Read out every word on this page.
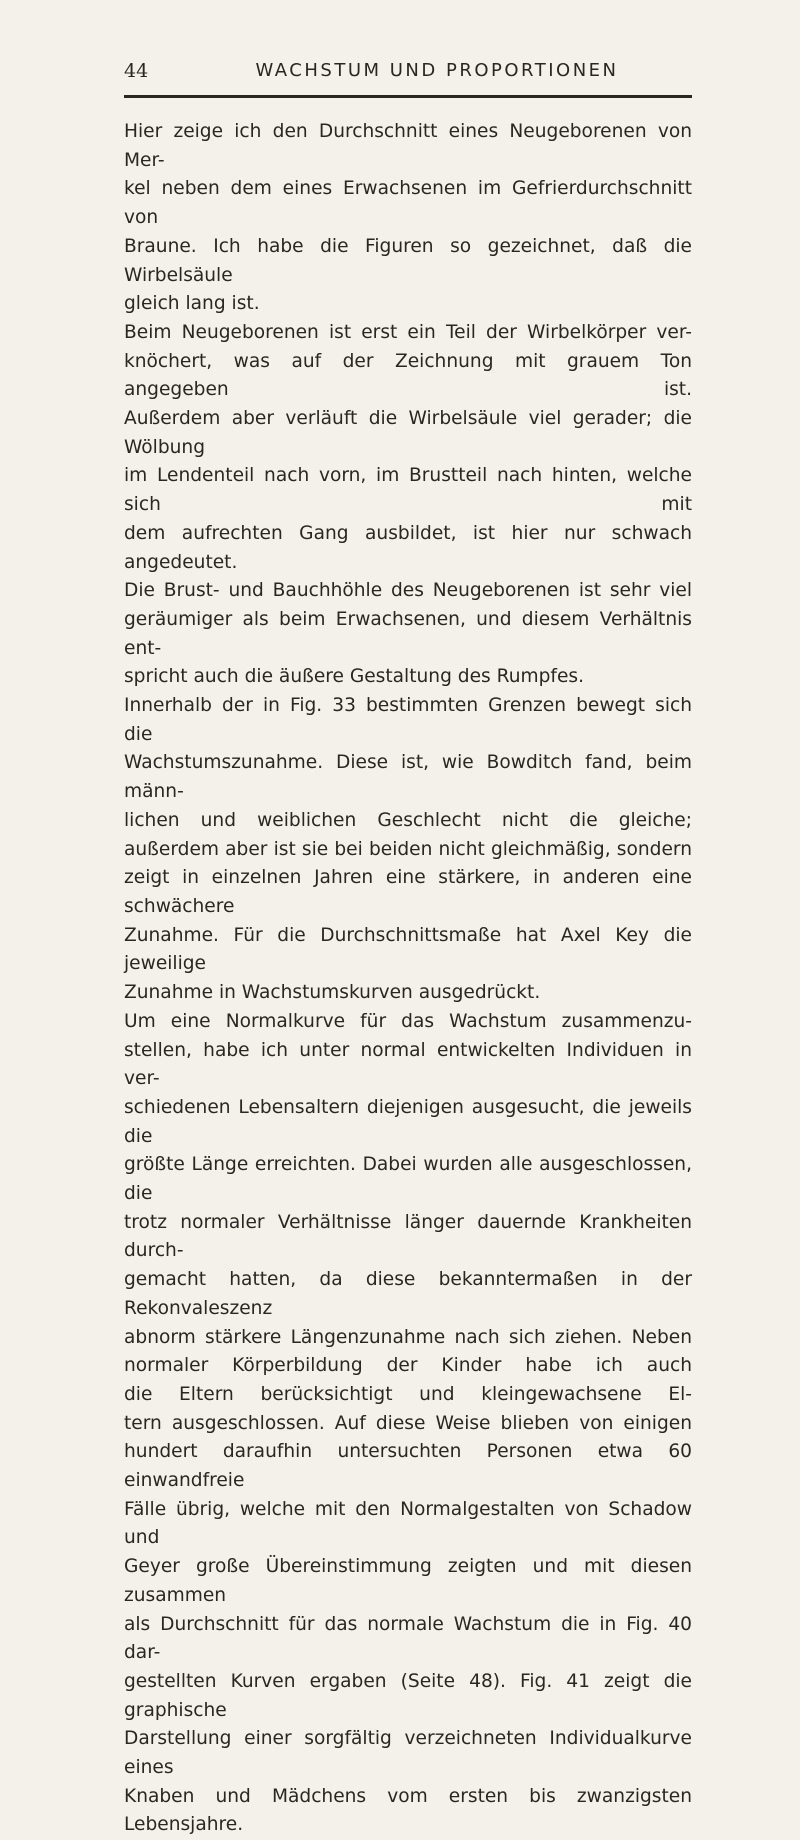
44	WACHSTUM UND PROPORTIONEN

Hier zeige ich den Durchschnitt eines Neugeborenen von Mer-

kel neben dem eines Erwachsenen im Gefrierdurchschnitt von

Braune. Ich habe die Figuren so gezeichnet, daß die Wirbelsäule

gleich lang ist.

Beim Neugeborenen ist erst ein Teil der Wirbelkörper ver-

knöchert, was auf der Zeichnung mit grauem Ton angegeben ist.

Außerdem aber verläuft die Wirbelsäule viel gerader; die Wölbung

im Lendenteil nach vorn, im Brustteil nach hinten, welche sich mit

dem aufrechten Gang ausbildet, ist hier nur schwach angedeutet.

Die Brust- und Bauchhöhle des Neugeborenen ist sehr viel

geräumiger als beim Erwachsenen, und diesem Verhältnis ent-

spricht auch die äußere Gestaltung des Rumpfes.

Innerhalb der in Fig. 33 bestimmten Grenzen bewegt sich die

Wachstumszunahme. Diese ist, wie Bowditch fand, beim männ-

lichen und weiblichen Geschlecht nicht die gleiche;

außerdem aber ist sie bei beiden nicht gleichmäßig, sondern

zeigt in einzelnen Jahren eine stärkere, in anderen eine schwächere

Zunahme. Für die Durchschnittsmaße hat Axel Key die jeweilige

Zunahme in Wachstumskurven ausgedrückt.

Um eine Normalkurve für das Wachstum zusammenzu-

stellen, habe ich unter normal entwickelten Individuen in ver-

schiedenen Lebensaltern diejenigen ausgesucht, die jeweils die

größte Länge erreichten. Dabei wurden alle ausgeschlossen, die

trotz normaler Verhältnisse länger dauernde Krankheiten durch-

gemacht hatten, da diese bekanntermaßen in der Rekonvaleszenz

abnorm stärkere Längenzunahme nach sich ziehen. Neben

normaler Körperbildung der Kinder habe ich auch

die Eltern berücksichtigt und kleingewachsene El-

tern ausgeschlossen. Auf diese Weise blieben von einigen

hundert daraufhin untersuchten Personen etwa 60 einwandfreie

Fälle übrig, welche mit den Normalgestalten von Schadow und

Geyer große Übereinstimmung zeigten und mit diesen zusammen

als Durchschnitt für das normale Wachstum die in Fig. 40 dar-

gestellten Kurven ergaben (Seite 48). Fig. 41 zeigt die graphische

Darstellung einer sorgfältig verzeichneten Individualkurve eines

Knaben und Mädchens vom ersten bis zwanzigsten Lebensjahre.
